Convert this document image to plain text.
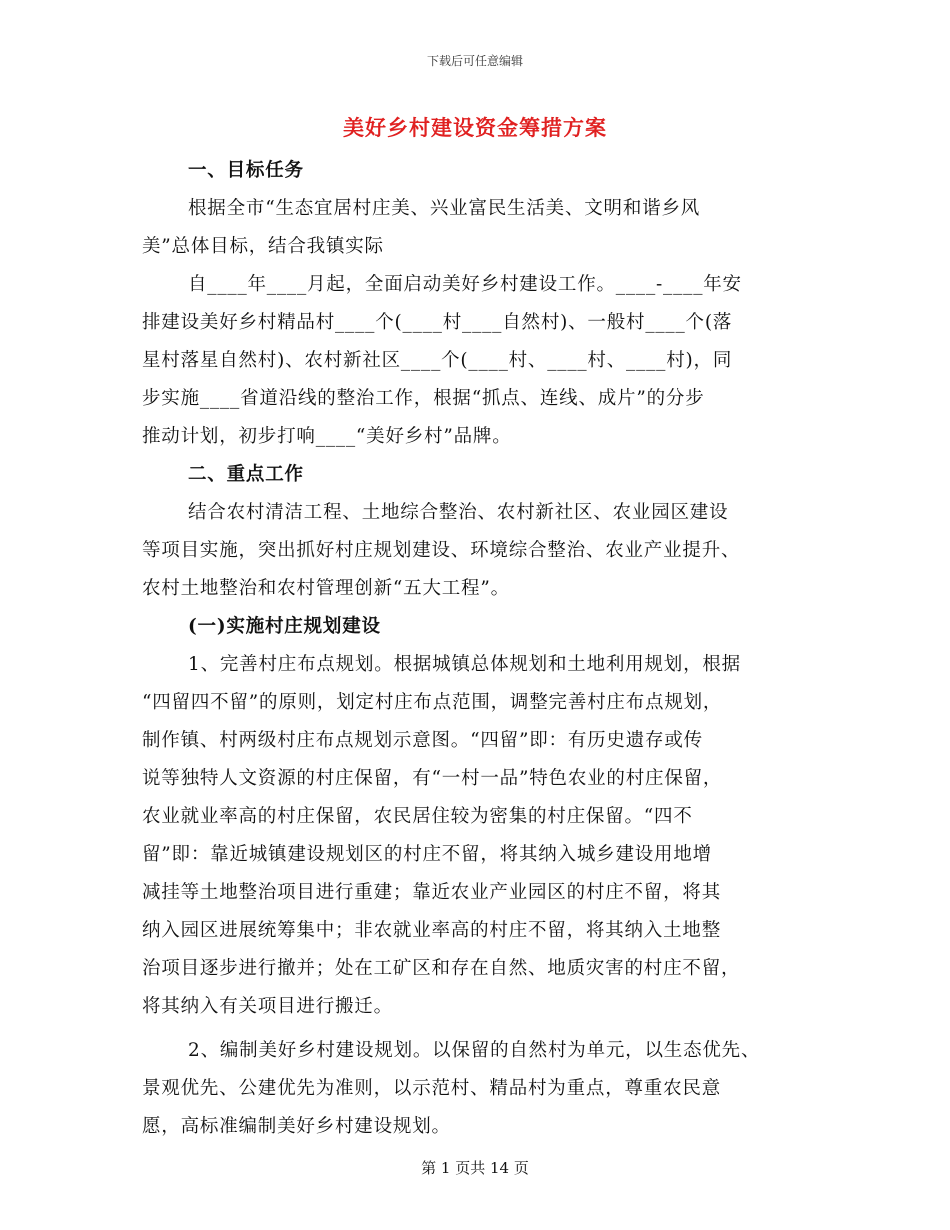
下载后可任意编辑
美好乡村建设资金筹措方案
一、目标任务
根据全市“生态宜居村庄美、兴业富民生活美、文明和谐乡风
美”总体目标，结合我镇实际
自____年____月起，全面启动美好乡村建设工作。____-____年安
排建设美好乡村精品村____个(____村____自然村)、一般村____个(落
星村落星自然村)、农村新社区____个(____村、____村、____村)，同
步实施____省道沿线的整治工作，根据“抓点、连线、成片”的分步
推动计划，初步打响____“美好乡村”品牌。
二、重点工作
结合农村清洁工程、土地综合整治、农村新社区、农业园区建设
等项目实施，突出抓好村庄规划建设、环境综合整治、农业产业提升、
农村土地整治和农村管理创新“五大工程”。
(一)实施村庄规划建设
1、完善村庄布点规划。根据城镇总体规划和土地利用规划，根据
“四留四不留”的原则，划定村庄布点范围，调整完善村庄布点规划，
制作镇、村两级村庄布点规划示意图。“四留”即：有历史遗存或传
说等独特人文资源的村庄保留，有“一村一品”特色农业的村庄保留，
农业就业率高的村庄保留，农民居住较为密集的村庄保留。“四不
留”即：靠近城镇建设规划区的村庄不留，将其纳入城乡建设用地增
减挂等土地整治项目进行重建；靠近农业产业园区的村庄不留，将其
纳入园区进展统筹集中；非农就业率高的村庄不留，将其纳入土地整
治项目逐步进行撤并；处在工矿区和存在自然、地质灾害的村庄不留，
将其纳入有关项目进行搬迁。
2、编制美好乡村建设规划。以保留的自然村为单元，以生态优先、
景观优先、公建优先为准则，以示范村、精品村为重点，尊重农民意
愿，高标准编制美好乡村建设规划。
第 1 页共 14 页
